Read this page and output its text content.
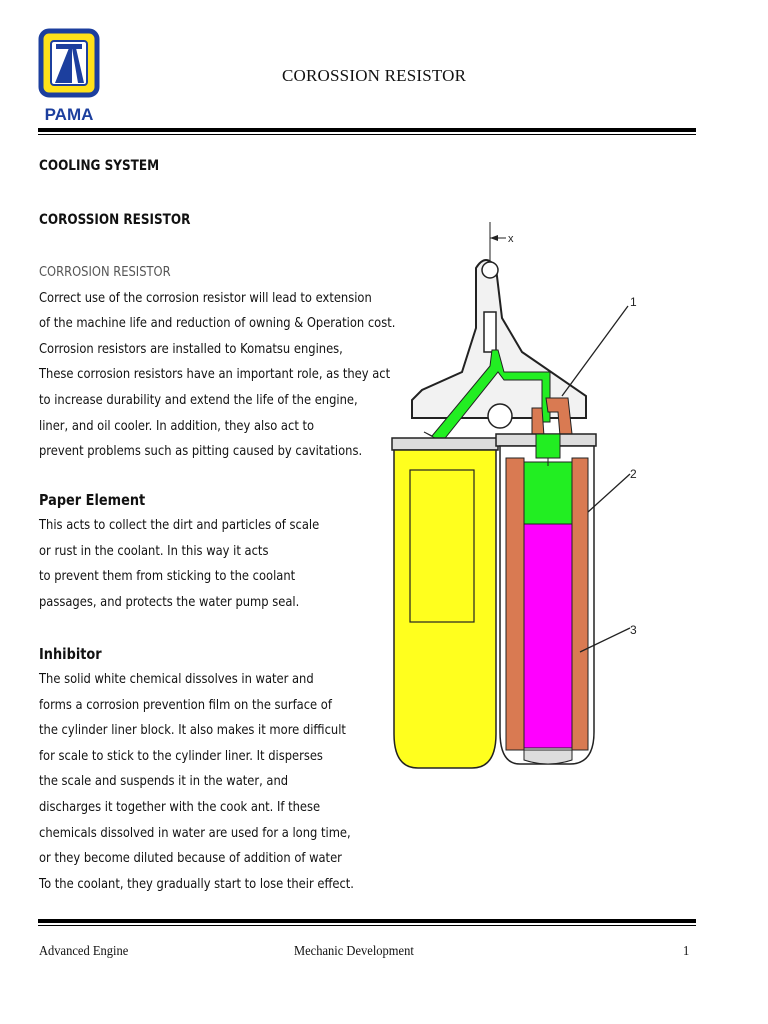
PAMA
COROSSION RESISTOR
COOLING SYSTEM
COROSSION RESISTOR
CORROSION RESISTOR
Correct use of the corrosion resistor will lead to extension
of the machine life and reduction of owning & Operation cost.
Corrosion resistors are installed to Komatsu engines,
These corrosion resistors have an important role, as they act
to increase durability and extend the life of the engine,
liner, and oil cooler. In addition, they also act to
prevent problems such as pitting caused by cavitations.
Paper Element
This acts to collect the dirt and particles of scale
or rust in the coolant. In this way it acts
to prevent them from sticking to the coolant
passages, and protects the water pump seal.
Inhibitor
The solid white chemical dissolves in water and
forms a corrosion prevention film on the surface of
the cylinder liner block. It also makes it more difficult
for scale to stick to the cylinder liner. It disperses
the scale and suspends it in the water, and
discharges it together with the cook ant. If these
chemicals dissolved in water are used for a long time,
or they become diluted because of addition of water
To the coolant, they gradually start to lose their effect.
x
1
2
3
Advanced Engine	Mechanic Development	1
